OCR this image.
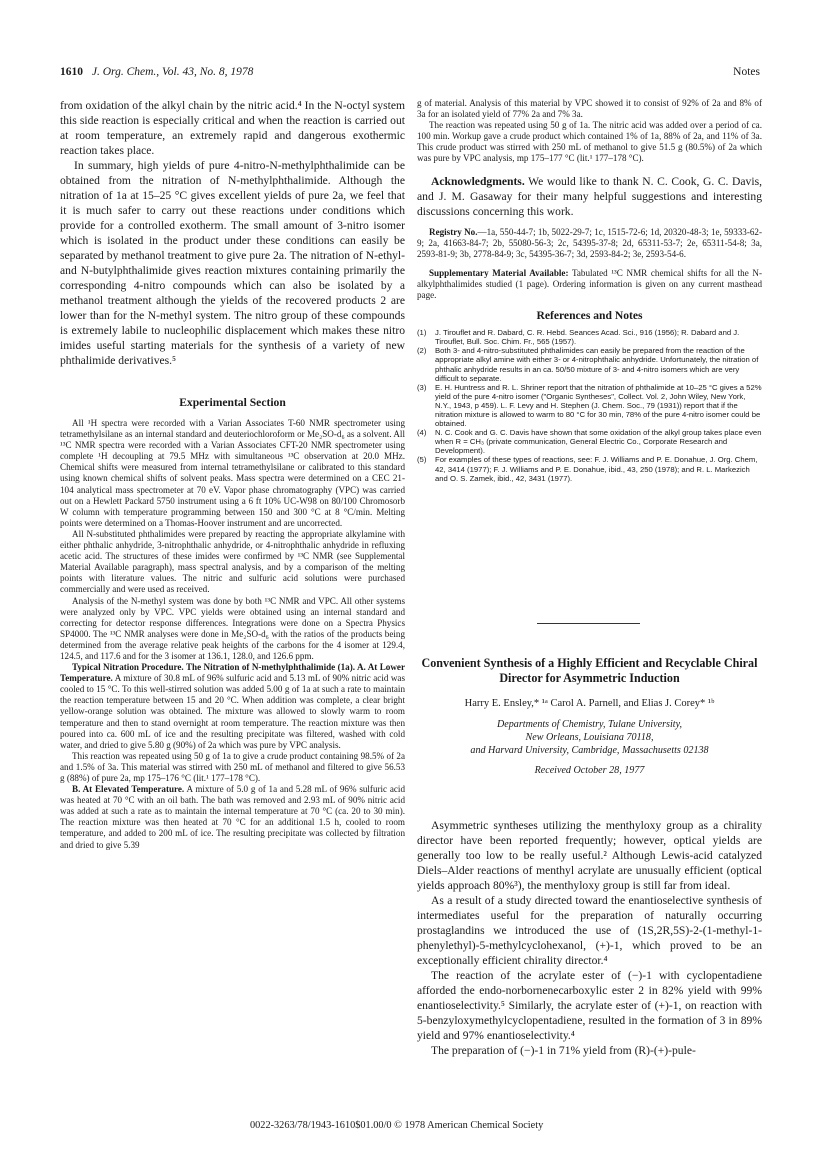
1610 J. Org. Chem., Vol. 43, No. 8, 1978	Notes

from oxidation of the alkyl chain by the nitric acid.⁴ In the N-octyl system this side reaction is especially critical and when the reaction is carried out at room temperature, an extremely rapid and dangerous exothermic reaction takes place.

In summary, high yields of pure 4-nitro-N-methylphthalimide can be obtained from the nitration of N-methylphthalimide. Although the nitration of 1a at 15–25 °C gives excellent yields of pure 2a, we feel that it is much safer to carry out these reactions under conditions which provide for a controlled exotherm. The small amount of 3-nitro isomer which is isolated in the product under these conditions can easily be separated by methanol treatment to give pure 2a. The nitration of N-ethyl- and N-butylphthalimide gives reaction mixtures containing primarily the corresponding 4-nitro compounds which can also be isolated by a methanol treatment although the yields of the recovered products 2 are lower than for the N-methyl system. The nitro group of these compounds is extremely labile to nucleophilic displacement which makes these nitro imides useful starting materials for the synthesis of a variety of new phthalimide derivatives.⁵

Experimental Section

All ¹H spectra were recorded with a Varian Associates T-60 NMR spectrometer using tetramethylsilane as an internal standard and deuteriochloroform or Me₂SO-d₆ as a solvent. All ¹³C NMR spectra were recorded with a Varian Associates CFT-20 NMR spectrometer using complete ¹H decoupling at 79.5 MHz with simultaneous ¹³C observation at 20.0 MHz. Chemical shifts were measured from internal tetramethylsilane or calibrated to this standard using known chemical shifts of solvent peaks. Mass spectra were determined on a CEC 21-104 analytical mass spectrometer at 70 eV. Vapor phase chromatography (VPC) was carried out on a Hewlett Packard 5750 instrument using a 6 ft 10% UC-W98 on 80/100 Chromosorb W column with temperature programming between 150 and 300 °C at 8 °C/min. Melting points were determined on a Thomas-Hoover instrument and are uncorrected.

All N-substituted phthalimides were prepared by reacting the appropriate alkylamine with either phthalic anhydride, 3-nitrophthalic anhydride, or 4-nitrophthalic anhydride in refluxing acetic acid. The structures of these imides were confirmed by ¹³C NMR (see Supplemental Material Available paragraph), mass spectral analysis, and by a comparison of the melting points with literature values. The nitric and sulfuric acid solutions were purchased commercially and were used as received.

Analysis of the N-methyl system was done by both ¹³C NMR and VPC. All other systems were analyzed only by VPC. VPC yields were obtained using an internal standard and correcting for detector response differences. Integrations were done on a Spectra Physics SP4000. The ¹³C NMR analyses were done in Me₂SO-d₆ with the ratios of the products being determined from the average relative peak heights of the carbons for the 4 isomer at 129.4, 124.5, and 117.6 and for the 3 isomer at 136.1, 128.0, and 126.6 ppm.

Typical Nitration Procedure. The Nitration of N-methylphthalimide (1a). A. At Lower Temperature. A mixture of 30.8 mL of 96% sulfuric acid and 5.13 mL of 90% nitric acid was cooled to 15 °C. To this well-stirred solution was added 5.00 g of 1a at such a rate to maintain the reaction temperature between 15 and 20 °C. When addition was complete, a clear bright yellow-orange solution was obtained. The mixture was allowed to slowly warm to room temperature and then to stand overnight at room temperature. The reaction mixture was then poured into ca. 600 mL of ice and the resulting precipitate was filtered, washed with cold water, and dried to give 5.80 g (90%) of 2a which was pure by VPC analysis.

This reaction was repeated using 50 g of 1a to give a crude product containing 98.5% of 2a and 1.5% of 3a. This material was stirred with 250 mL of methanol and filtered to give 56.53 g (88%) of pure 2a, mp 175–176 °C (lit.¹ 177–178 °C).

B. At Elevated Temperature. A mixture of 5.0 g of 1a and 5.28 mL of 96% sulfuric acid was heated at 70 °C with an oil bath. The bath was removed and 2.93 mL of 90% nitric acid was added at such a rate as to maintain the internal temperature at 70 °C (ca. 20 to 30 min). The reaction mixture was then heated at 70 °C for an additional 1.5 h, cooled to room temperature, and added to 200 mL of ice. The resulting precipitate was collected by filtration and dried to give 5.39

g of material. Analysis of this material by VPC showed it to consist of 92% of 2a and 8% of 3a for an isolated yield of 77% 2a and 7% 3a.

The reaction was repeated using 50 g of 1a. The nitric acid was added over a period of ca. 100 min. Workup gave a crude product which contained 1% of 1a, 88% of 2a, and 11% of 3a. This crude product was stirred with 250 mL of methanol to give 51.5 g (80.5%) of 2a which was pure by VPC analysis, mp 175–177 °C (lit.¹ 177–178 °C).

Acknowledgments. We would like to thank N. C. Cook, G. C. Davis, and J. M. Gasaway for their many helpful suggestions and interesting discussions concerning this work.

Registry No.—1a, 550-44-7; 1b, 5022-29-7; 1c, 1515-72-6; 1d, 20320-48-3; 1e, 59333-62-9; 2a, 41663-84-7; 2b, 55080-56-3; 2c, 54395-37-8; 2d, 65311-53-7; 2e, 65311-54-8; 3a, 2593-81-9; 3b, 2778-84-9; 3c, 54395-36-7; 3d, 2593-84-2; 3e, 2593-54-6.

Supplementary Material Available: Tabulated ¹³C NMR chemical shifts for all the N-alkylphthalimides studied (1 page). Ordering information is given on any current masthead page.

References and Notes
(1) J. Tirouflet and R. Dabard, C. R. Hebd. Seances Acad. Sci., 916 (1956); R. Dabard and J. Tirouflet, Bull. Soc. Chim. Fr., 565 (1957).
(2) Both 3- and 4-nitro-substituted phthalimides can easily be prepared from the reaction of the appropriate alkyl amine with either 3- or 4-nitrophthalic anhydride. Unfortunately, the nitration of phthalic anhydride results in an ca. 50/50 mixture of 3- and 4-nitro isomers which are very difficult to separate.
(3) E. H. Huntress and R. L. Shriner report that the nitration of phthalimide at 10–25 °C gives a 52% yield of the pure 4-nitro isomer ("Organic Syntheses", Collect. Vol. 2, John Wiley, New York, N.Y., 1943, p 459). L. F. Levy and H. Stephen (J. Chem. Soc., 79 (1931)) report that if the nitration mixture is allowed to warm to 80 °C for 30 min, 78% of the pure 4-nitro isomer could be obtained.
(4) N. C. Cook and G. C. Davis have shown that some oxidation of the alkyl group takes place even when R = CH₃ (private communication, General Electric Co., Corporate Research and Development).
(5) For examples of these types of reactions, see: F. J. Williams and P. E. Donahue, J. Org. Chem, 42, 3414 (1977); F. J. Williams and P. E. Donahue, ibid., 43, 250 (1978); and R. L. Markezich and O. S. Zamek, ibid., 42, 3431 (1977).

Convenient Synthesis of a Highly Efficient and Recyclable Chiral Director for Asymmetric Induction

Harry E. Ensley,* ¹ᵃ Carol A. Parnell, and Elias J. Corey* ¹ᵇ

Departments of Chemistry, Tulane University,

New Orleans, Louisiana 70118,

and Harvard University, Cambridge, Massachusetts 02138

Received October 28, 1977

Asymmetric syntheses utilizing the menthyloxy group as a chirality director have been reported frequently; however, optical yields are generally too low to be really useful.² Although Lewis-acid catalyzed Diels–Alder reactions of menthyl acrylate are unusually efficient (optical yields approach 80%³), the menthyloxy group is still far from ideal.

As a result of a study directed toward the enantioselective synthesis of intermediates useful for the preparation of naturally occurring prostaglandins we introduced the use of (1S,2R,5S)-2-(1-methyl-1-phenylethyl)-5-methylcyclohexanol, (+)-1, which proved to be an exceptionally efficient chirality director.⁴

The reaction of the acrylate ester of (−)-1 with cyclopentadiene afforded the endo-norbornenecarboxylic ester 2 in 82% yield with 99% enantioselectivity.⁵ Similarly, the acrylate ester of (+)-1, on reaction with 5-benzyloxymethylcyclopentadiene, resulted in the formation of 3 in 89% yield and 97% enantioselectivity.⁴

The preparation of (−)-1 in 71% yield from (R)-(+)-pule-

0022-3263/78/1943-1610$01.00/0 © 1978 American Chemical Society
